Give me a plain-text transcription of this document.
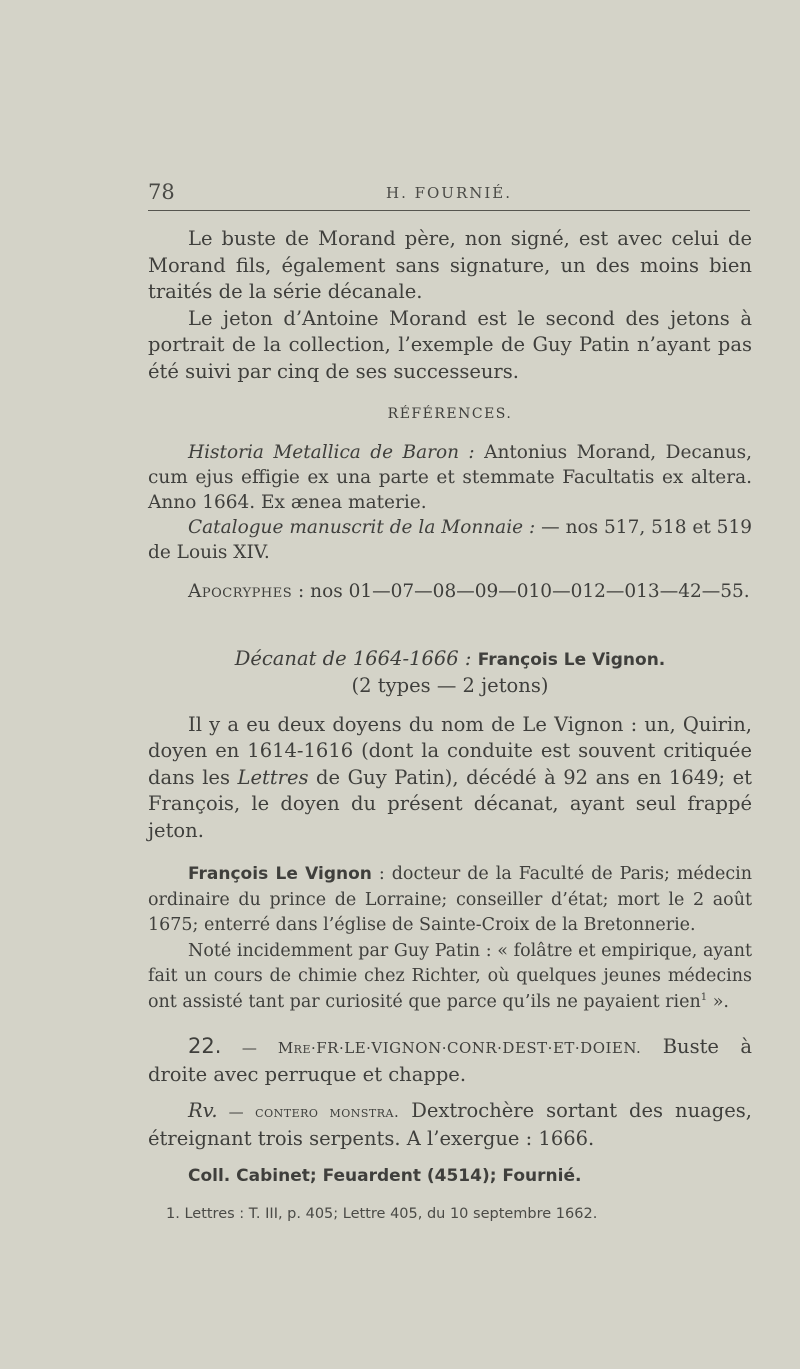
78	H. FOURNIÉ.

Le buste de Morand père, non signé, est avec celui de Morand fils, également sans signature, un des moins bien traités de la série décanale.

Le jeton d’Antoine Morand est le second des jetons à portrait de la collection, l’exemple de Guy Patin n’ayant pas été suivi par cinq de ses successeurs.

RÉFÉRENCES.

Historia Metallica de Baron : Antonius Morand, Decanus, cum ejus effigie ex una parte et stemmate Facultatis ex altera. Anno 1664. Ex ænea materie.

Catalogue manuscrit de la Monnaie : — nos 517, 518 et 519 de Louis XIV.

Apocryphes : nos 01—07—08—09—010—012—013—42—55.

Décanat de 1664-1666 : François Le Vignon.

(2 types — 2 jetons)

Il y a eu deux doyens du nom de Le Vignon : un, Quirin, doyen en 1614-1616 (dont la conduite est souvent critiquée dans les Lettres de Guy Patin), décédé à 92 ans en 1649; et François, le doyen du présent décanat, ayant seul frappé jeton.

François Le Vignon : docteur de la Faculté de Paris; médecin ordinaire du prince de Lorraine; conseiller d’état; mort le 2 août 1675; enterré dans l’église de Sainte-Croix de la Bretonnerie.

Noté incidemment par Guy Patin : « folâtre et empirique, ayant fait un cours de chimie chez Richter, où quelques jeunes médecins ont assisté tant par curiosité que parce qu’ils ne payaient rien$^1$ ».

22. — Mre·FR·LE·VIGNON·CONR·DEST·ET·DOIEN. Buste à droite avec perruque et chappe.

Rv. — contero monstra. Dextrochère sortant des nuages, étreignant trois serpents. A l’exergue : 1666.

Coll. Cabinet; Feuardent (4514); Fournié.

1. Lettres : T. III, p. 405; Lettre 405, du 10 septembre 1662.
